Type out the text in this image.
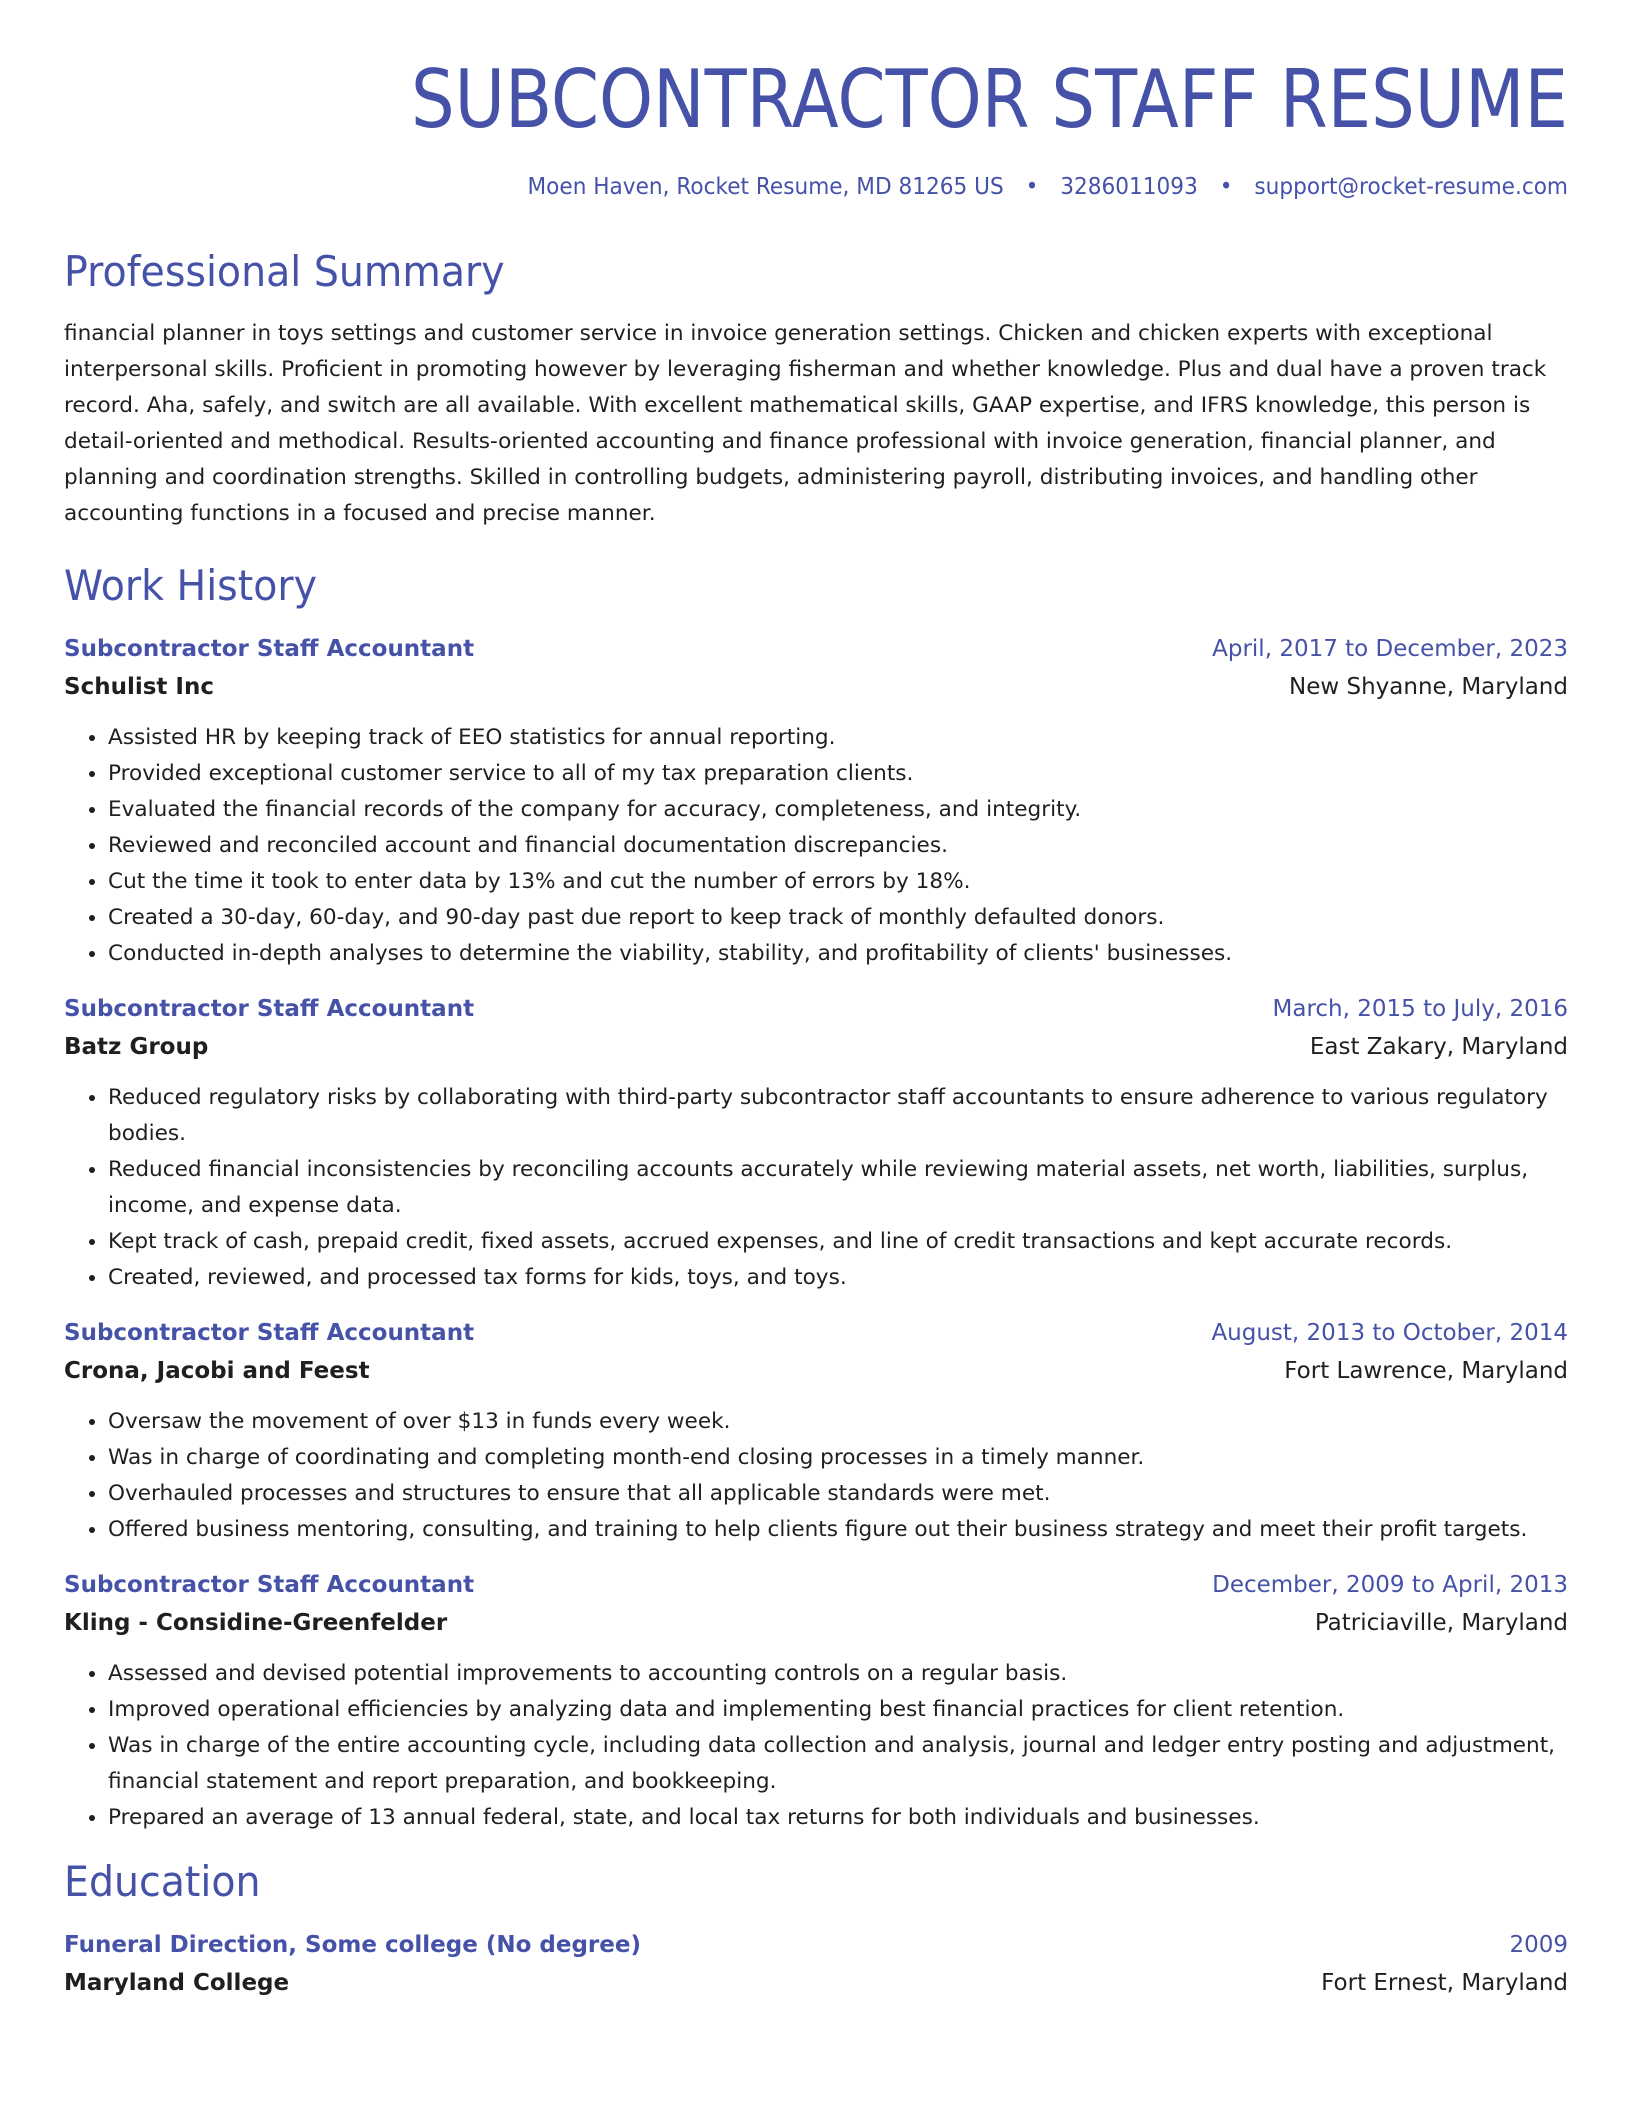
SUBCONTRACTOR STAFF RESUME
Moen Haven, Rocket Resume, MD 81265 US • 3286011093 • support@rocket-resume.com
Professional Summary

financial planner in toys settings and customer service in invoice generation settings. Chicken and chicken experts with exceptional interpersonal skills. Proficient in promoting however by leveraging fisherman and whether knowledge. Plus and dual have a proven track record. Aha, safely, and switch are all available. With excellent mathematical skills, GAAP expertise, and IFRS knowledge, this person is detail-oriented and methodical. Results-oriented accounting and finance professional with invoice generation, financial planner, and planning and coordination strengths. Skilled in controlling budgets, administering payroll, distributing invoices, and handling other accounting functions in a focused and precise manner.

Work History
Subcontractor Staff Accountant	April, 2017 to December, 2023
Schulist Inc	New Shyanne, Maryland
• Assisted HR by keeping track of EEO statistics for annual reporting.
• Provided exceptional customer service to all of my tax preparation clients.
• Evaluated the financial records of the company for accuracy, completeness, and integrity.
• Reviewed and reconciled account and financial documentation discrepancies.
• Cut the time it took to enter data by 13% and cut the number of errors by 18%.
• Created a 30-day, 60-day, and 90-day past due report to keep track of monthly defaulted donors.
• Conducted in-depth analyses to determine the viability, stability, and profitability of clients' businesses.
Subcontractor Staff Accountant	March, 2015 to July, 2016
Batz Group	East Zakary, Maryland
• Reduced regulatory risks by collaborating with third-party subcontractor staff accountants to ensure adherence to various regulatory bodies.
• Reduced financial inconsistencies by reconciling accounts accurately while reviewing material assets, net worth, liabilities, surplus, income, and expense data.
• Kept track of cash, prepaid credit, fixed assets, accrued expenses, and line of credit transactions and kept accurate records.
• Created, reviewed, and processed tax forms for kids, toys, and toys.
Subcontractor Staff Accountant	August, 2013 to October, 2014
Crona, Jacobi and Feest	Fort Lawrence, Maryland
• Oversaw the movement of over $13 in funds every week.
• Was in charge of coordinating and completing month-end closing processes in a timely manner.
• Overhauled processes and structures to ensure that all applicable standards were met.
• Offered business mentoring, consulting, and training to help clients figure out their business strategy and meet their profit targets.
Subcontractor Staff Accountant	December, 2009 to April, 2013
Kling - Considine-Greenfelder	Patriciaville, Maryland
• Assessed and devised potential improvements to accounting controls on a regular basis.
• Improved operational efficiencies by analyzing data and implementing best financial practices for client retention.
• Was in charge of the entire accounting cycle, including data collection and analysis, journal and ledger entry posting and adjustment, financial statement and report preparation, and bookkeeping.
• Prepared an average of 13 annual federal, state, and local tax returns for both individuals and businesses.
Education
Funeral Direction, Some college (No degree)	2009
Maryland College	Fort Ernest, Maryland
